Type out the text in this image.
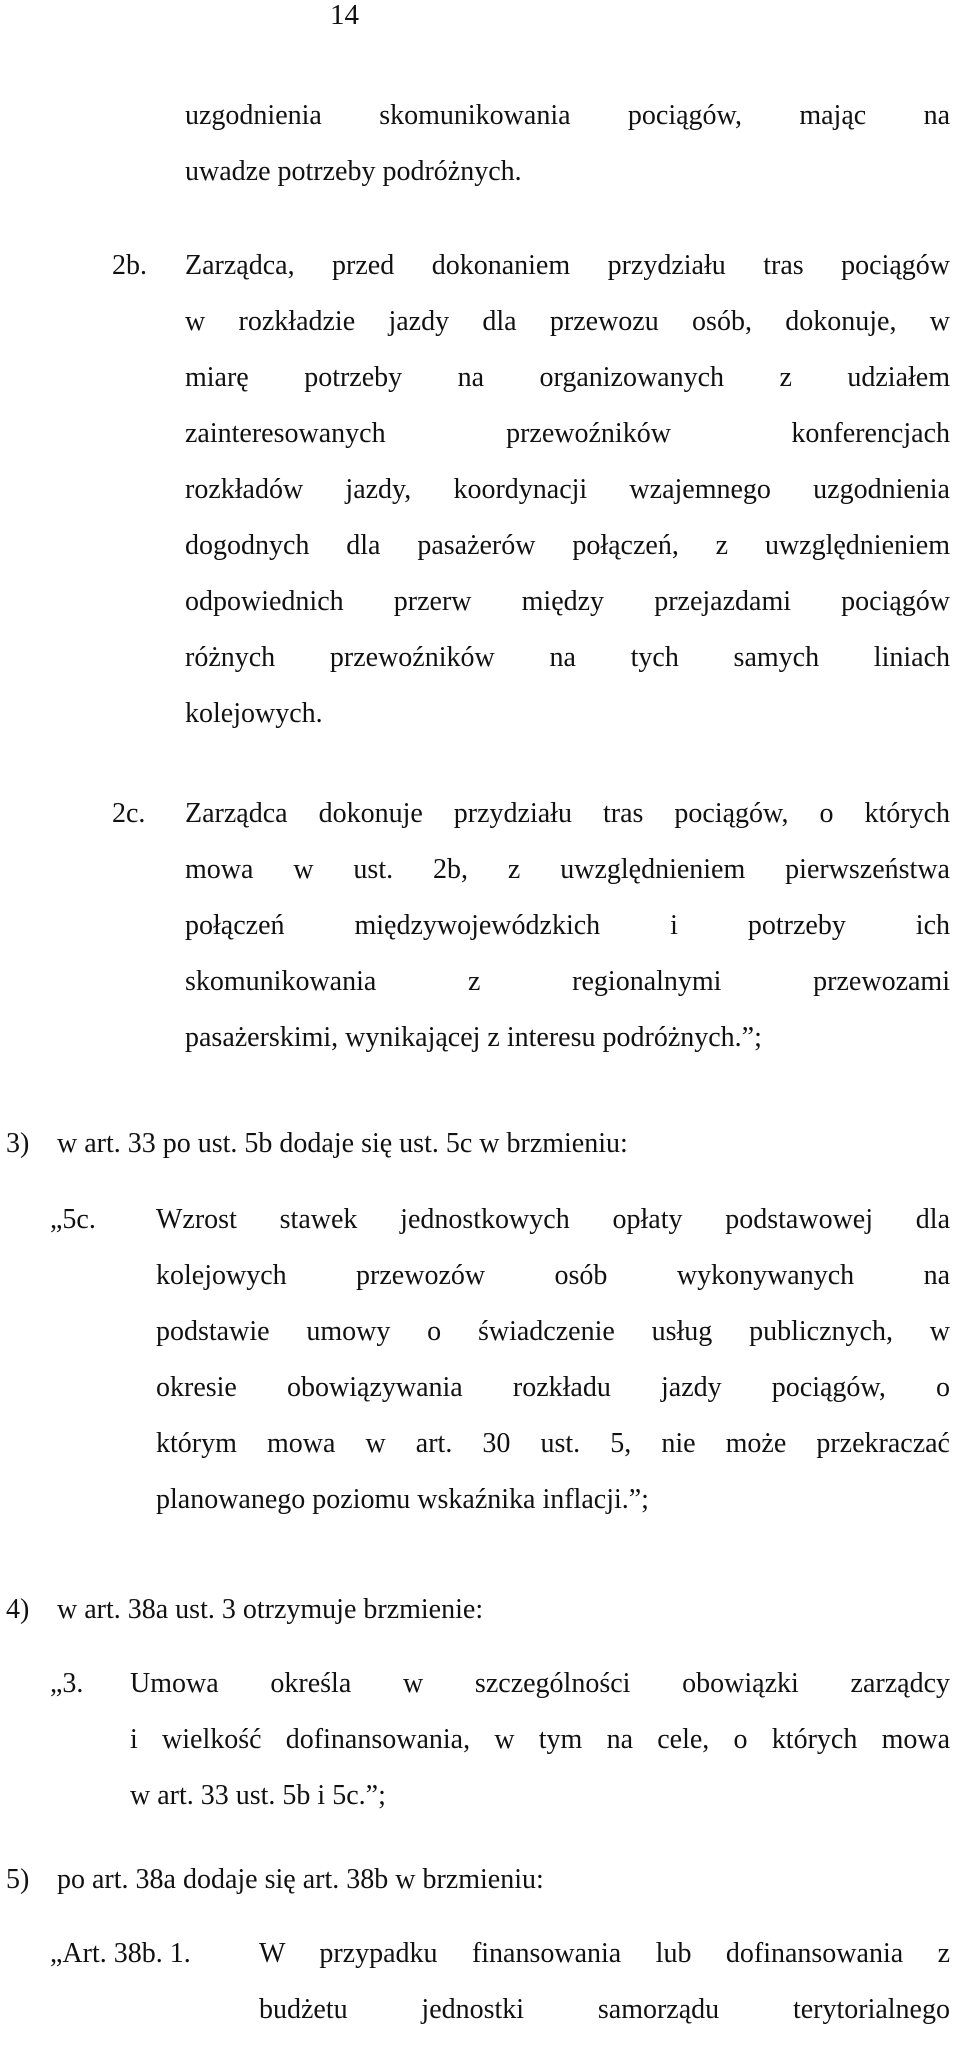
14
uzgodnienia skomunikowania pociągów, mając na
uwadze potrzeby podróżnych.
2b. Zarządca, przed dokonaniem przydziału tras pociągów
w rozkładzie jazdy dla przewozu osób, dokonuje, w
miarę potrzeby na organizowanych z udziałem
zainteresowanych przewoźników konferencjach
rozkładów jazdy, koordynacji wzajemnego uzgodnienia
dogodnych dla pasażerów połączeń, z uwzględnieniem
odpowiednich przerw między przejazdami pociągów
różnych przewoźników na tych samych liniach
kolejowych.
2c. Zarządca dokonuje przydziału tras pociągów, o których
mowa w ust. 2b, z uwzględnieniem pierwszeństwa
połączeń międzywojewódzkich i potrzeby ich
skomunikowania z regionalnymi przewozami
pasażerskimi, wynikającej z interesu podróżnych.”;
3) w art. 33 po ust. 5b dodaje się ust. 5c w brzmieniu:
„5c. Wzrost stawek jednostkowych opłaty podstawowej dla
kolejowych przewozów osób wykonywanych na
podstawie umowy o świadczenie usług publicznych, w
okresie obowiązywania rozkładu jazdy pociągów, o
którym mowa w art. 30 ust. 5, nie może przekraczać
planowanego poziomu wskaźnika inflacji.”;
4) w art. 38a ust. 3 otrzymuje brzmienie:
„3. Umowa określa w szczególności obowiązki zarządcy
i wielkość dofinansowania, w tym na cele, o których mowa
w art. 33 ust. 5b i 5c.”;
5) po art. 38a dodaje się art. 38b w brzmieniu:
„Art. 38b. 1. W przypadku finansowania lub dofinansowania z
budżetu jednostki samorządu terytorialnego
